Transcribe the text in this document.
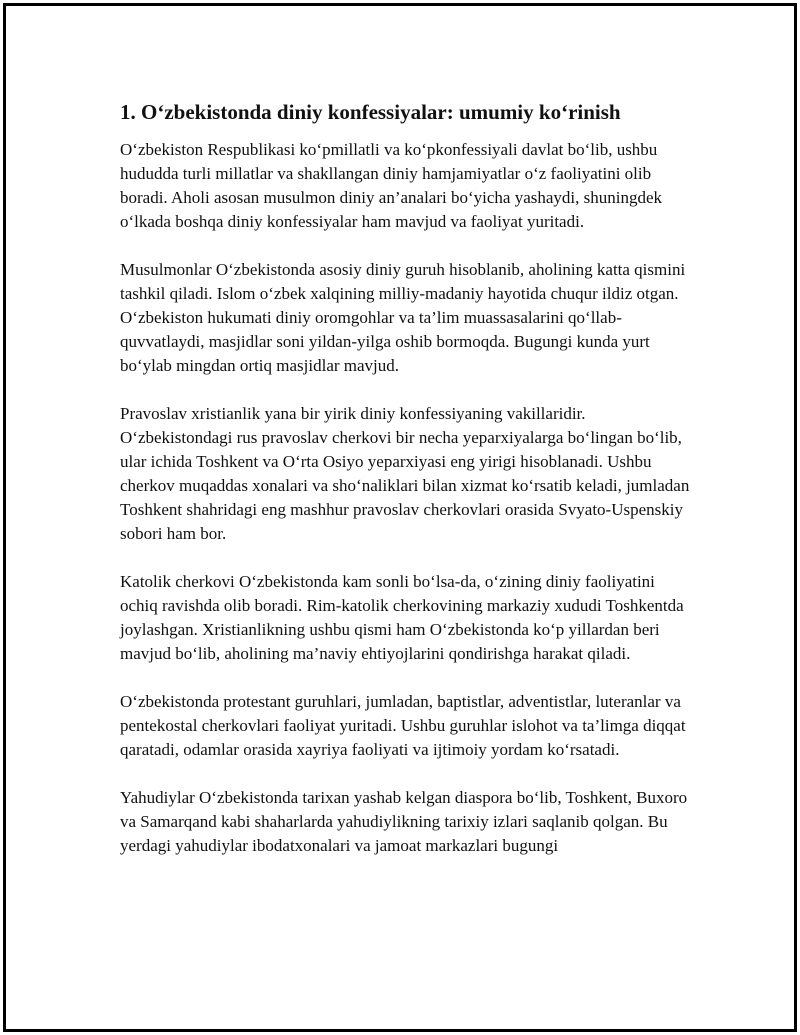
1. O‘zbekistonda diniy konfessiyalar: umumiy ko‘rinish

O‘zbekiston Respublikasi ko‘pmillatli va ko‘pkonfessiyali davlat bo‘lib, ushbu hududda turli millatlar va shakllangan diniy hamjamiyatlar o‘z faoliyatini olib boradi. Aholi asosan musulmon diniy an’analari bo‘yicha yashaydi, shuningdek o‘lkada boshqa diniy konfessiyalar ham mavjud va faoliyat yuritadi.

Musulmonlar O‘zbekistonda asosiy diniy guruh hisoblanib, aholining katta qismini tashkil qiladi. Islom o‘zbek xalqining milliy-madaniy hayotida chuqur ildiz otgan. O‘zbekiston hukumati diniy oromgohlar va ta’lim muassasalarini qo‘llab-quvvatlaydi, masjidlar soni yildan-yilga oshib bormoqda. Bugungi kunda yurt bo‘ylab mingdan ortiq masjidlar mavjud.

Pravoslav xristianlik yana bir yirik diniy konfessiyaning vakillaridir. O‘zbekistondagi rus pravoslav cherkovi bir necha yeparxiyalarga bo‘lingan bo‘lib, ular ichida Toshkent va O‘rta Osiyo yeparxiyasi eng yirigi hisoblanadi. Ushbu cherkov muqaddas xonalari va sho‘naliklari bilan xizmat ko‘rsatib keladi, jumladan Toshkent shahridagi eng mashhur pravoslav cherkovlari orasida Svyato-Uspenskiy sobori ham bor.

Katolik cherkovi O‘zbekistonda kam sonli bo‘lsa-da, o‘zining diniy faoliyatini ochiq ravishda olib boradi. Rim-katolik cherkovining markaziy xududi Toshkentda joylashgan. Xristianlikning ushbu qismi ham O‘zbekistonda ko‘p yillardan beri mavjud bo‘lib, aholining ma’naviy ehtiyojlarini qondirishga harakat qiladi.

O‘zbekistonda protestant guruhlari, jumladan, baptistlar, adventistlar, luteranlar va pentekostal cherkovlari faoliyat yuritadi. Ushbu guruhlar islohot va ta’limga diqqat qaratadi, odamlar orasida xayriya faoliyati va ijtimoiy yordam ko‘rsatadi.

Yahudiylar O‘zbekistonda tarixan yashab kelgan diaspora bo‘lib, Toshkent, Buxoro va Samarqand kabi shaharlarda yahudiylikning tarixiy izlari saqlanib qolgan. Bu yerdagi yahudiylar ibodatxonalari va jamoat markazlari bugungi
